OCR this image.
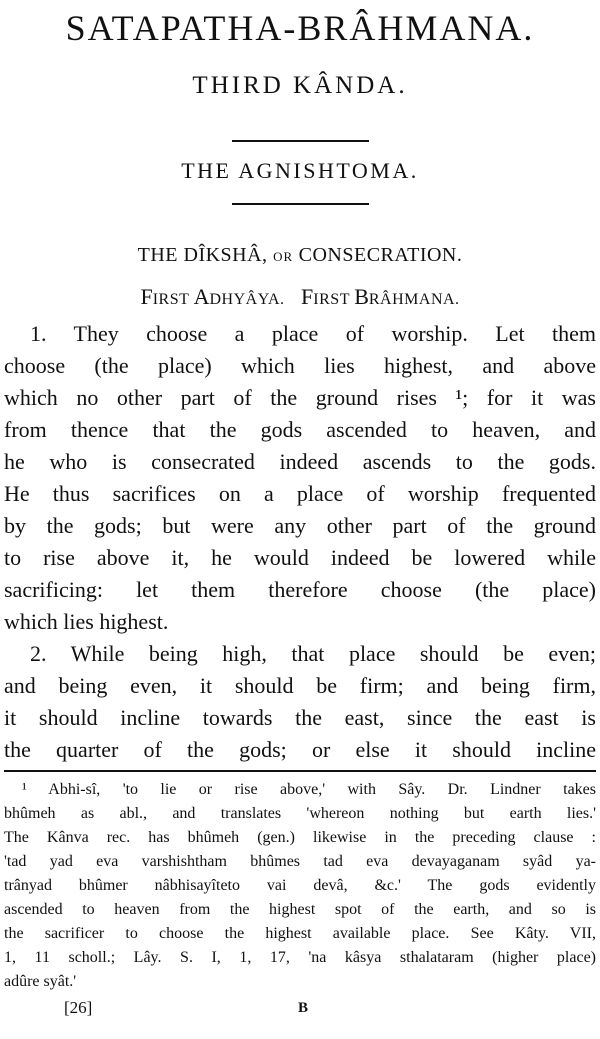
SATAPATHA-BRÂHMANA.
THIRD KÂNDA.
THE AGNISHTOMA.
THE DÎKSHÂ, OR CONSECRATION.
FIRST ADHYÂYA. FIRST BRÂHMANA.
1. They choose a place of worship. Let them
choose (the place) which lies highest, and above
which no other part of the ground rises ¹; for it was
from thence that the gods ascended to heaven, and
he who is consecrated indeed ascends to the gods.
He thus sacrifices on a place of worship frequented
by the gods; but were any other part of the ground
to rise above it, he would indeed be lowered while
sacrificing: let them therefore choose (the place)
which lies highest.
2. While being high, that place should be even;
and being even, it should be firm; and being firm,
it should incline towards the east, since the east is
the quarter of the gods; or else it should incline
¹ Abhi-sî, 'to lie or rise above,' with Sây. Dr. Lindner takes
bhûmeh as abl., and translates 'whereon nothing but earth lies.'
The Kânva rec. has bhûmeh (gen.) likewise in the preceding clause :
'tad yad eva varshishtham bhûmes tad eva devayaganam syâd ya-
trânyad bhûmer nâbhisayîteto vai devâ, &c.' The gods evidently
ascended to heaven from the highest spot of the earth, and so is
the sacrificer to choose the highest available place. See Kâty. VII,
1, 11 scholl.; Lây. S. I, 1, 17, 'na kâsya sthalataram (higher place)
adûre syât.'
[26]	B
